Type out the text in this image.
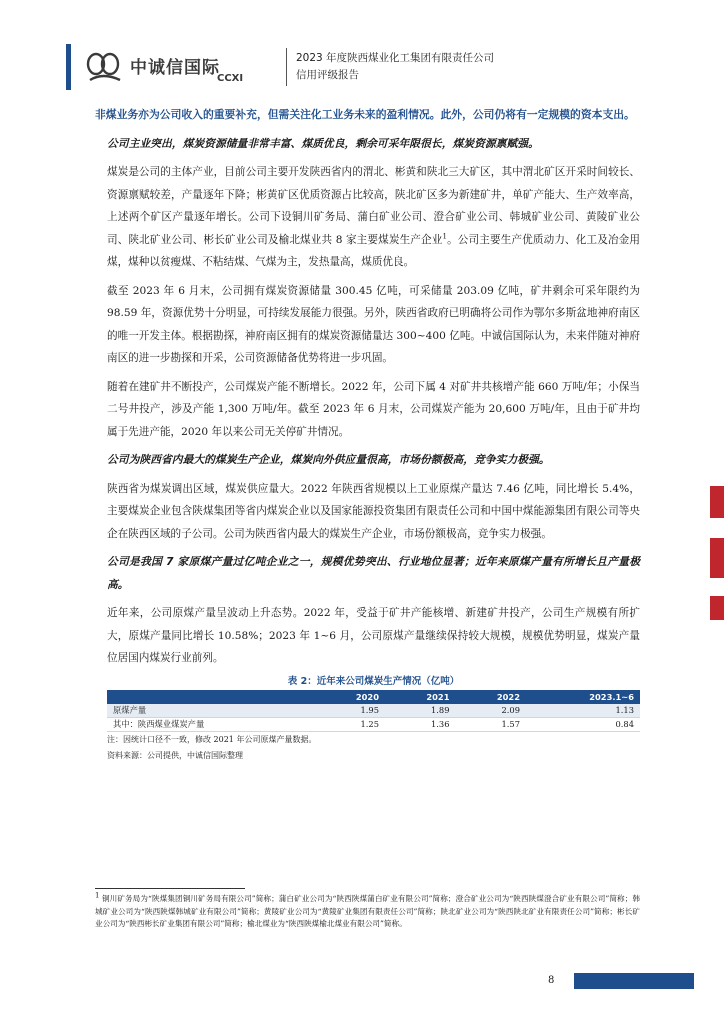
中诚信国际
CCXI
2023 年度陕西煤业化工集团有限责任公司
信用评级报告

非煤业务亦为公司收入的重要补充，但需关注化工业务未来的盈利情况。此外，公司仍将有一定规模的资本支出。

公司主业突出，煤炭资源储量非常丰富、煤质优良，剩余可采年限很长，煤炭资源禀赋强。

煤炭是公司的主体产业，目前公司主要开发陕西省内的渭北、彬黄和陕北三大矿区，其中渭北矿区开采时间较长、资源禀赋较差，产量逐年下降；彬黄矿区优质资源占比较高，陕北矿区多为新建矿井，单矿产能大、生产效率高，上述两个矿区产量逐年增长。公司下设铜川矿务局、蒲白矿业公司、澄合矿业公司、韩城矿业公司、黄陵矿业公司、陕北矿业公司、彬长矿业公司及榆北煤业共 8 家主要煤炭生产企业$^1$。公司主要生产优质动力、化工及冶金用煤，煤种以贫瘦煤、不粘结煤、气煤为主，发热量高，煤质优良。

截至 2023 年 6 月末，公司拥有煤炭资源储量 300.45 亿吨，可采储量 203.09 亿吨，矿井剩余可采年限约为 98.59 年，资源优势十分明显，可持续发展能力很强。另外，陕西省政府已明确将公司作为鄂尔多斯盆地神府南区的唯一开发主体。根据勘探，神府南区拥有的煤炭资源储量达 300~400 亿吨。中诚信国际认为，未来伴随对神府南区的进一步勘探和开采，公司资源储备优势将进一步巩固。

随着在建矿井不断投产，公司煤炭产能不断增长。2022 年，公司下属 4 对矿井共核增产能 660 万吨/年；小保当二号井投产，涉及产能 1,300 万吨/年。截至 2023 年 6 月末，公司煤炭产能为 20,600 万吨/年，且由于矿井均属于先进产能，2020 年以来公司无关停矿井情况。

公司为陕西省内最大的煤炭生产企业，煤炭向外供应量很高，市场份额极高，竞争实力极强。

陕西省为煤炭调出区域，煤炭供应量大。2022 年陕西省规模以上工业原煤产量达 7.46 亿吨，同比增长 5.4%，主要煤炭企业包含陕煤集团等省内煤炭企业以及国家能源投资集团有限责任公司和中国中煤能源集团有限公司等央企在陕西区域的子公司。公司为陕西省内最大的煤炭生产企业，市场份额极高，竞争实力极强。

公司是我国 7 家原煤产量过亿吨企业之一，规模优势突出、行业地位显著；近年来原煤产量有所增长且产量极高。

近年来，公司原煤产量呈波动上升态势。2022 年，受益于矿井产能核增、新建矿井投产，公司生产规模有所扩大，原煤产量同比增长 10.58%；2023 年 1~6 月，公司原煤产量继续保持较大规模，规模优势明显，煤炭产量位居国内煤炭行业前列。

表 2：近年来公司煤炭生产情况（亿吨）
	2020	2021	2022	2023.1~6
原煤产量	1.95	1.89	2.09	1.13
其中：陕西煤业煤炭产量	1.25	1.36	1.57	0.84
注：因统计口径不一致，修改 2021 年公司原煤产量数据。
资料来源：公司提供，中诚信国际整理
$^1$ 铜川矿务局为“陕煤集团铜川矿务局有限公司”简称；蒲白矿业公司为“陕西陕煤蒲白矿业有限公司”简称；澄合矿业公司为“陕西陕煤澄合矿业有限公司”简称；韩城矿业公司为“陕西陕煤韩城矿业有限公司”简称；黄陵矿业公司为“黄陵矿业集团有限责任公司”简称；陕北矿业公司为“陕西陕北矿业有限责任公司”简称；彬长矿业公司为“陕西彬长矿业集团有限公司”简称；榆北煤业为“陕西陕煤榆北煤业有限公司”简称。
8
